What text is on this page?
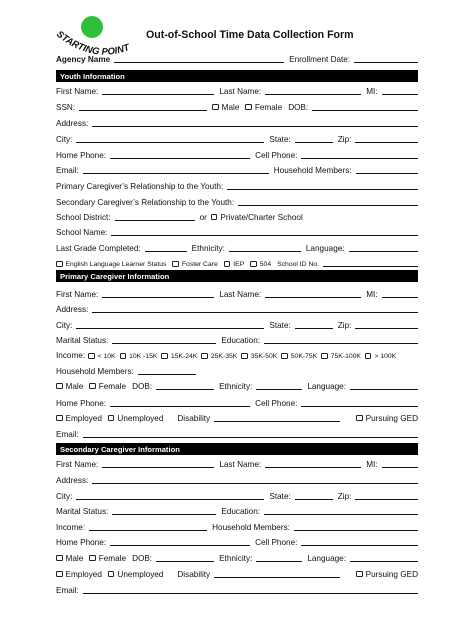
STARTING POINT
Out-of-School Time Data Collection Form
Agency Name	Enrollment Date:
Youth Information
First Name:	Last Name:	MI:
SSN:	Male Female DOB:
Address:
City:	State:	Zip:
Home Phone:	Cell Phone:
Email:	Household Members:
Primary Caregiver’s Relationship to the Youth:
Secondary Caregiver’s Relationship to the Youth:
School District:	or Private/Charter School
School Name:
Last Grade Completed:	Ethnicity:	Language:
English Language Learner Status Foster Care IEP 504 School ID No.
Primary Caregiver Information
First Name:	Last Name:	MI:
Address:
City:	State:	Zip:
Marital Status:	Education:
Income: < 10K 10K -15K 15K-24K 25K-35K 35K-50K 50K-75K 75K-100K > 100K
Household Members:
Male Female DOB:	Ethnicity:	Language:
Home Phone:	Cell Phone:
Employed Unemployed Disability	Pursuing GED
Email:
Secondary Caregiver Information
First Name:	Last Name:	MI:
Address:
City:	State:	Zip:
Marital Status:	Education:
Income:	Household Members:
Home Phone:	Cell Phone:
Male Female DOB:	Ethnicity:	Language:
Employed Unemployed Disability	Pursuing GED
Email:
